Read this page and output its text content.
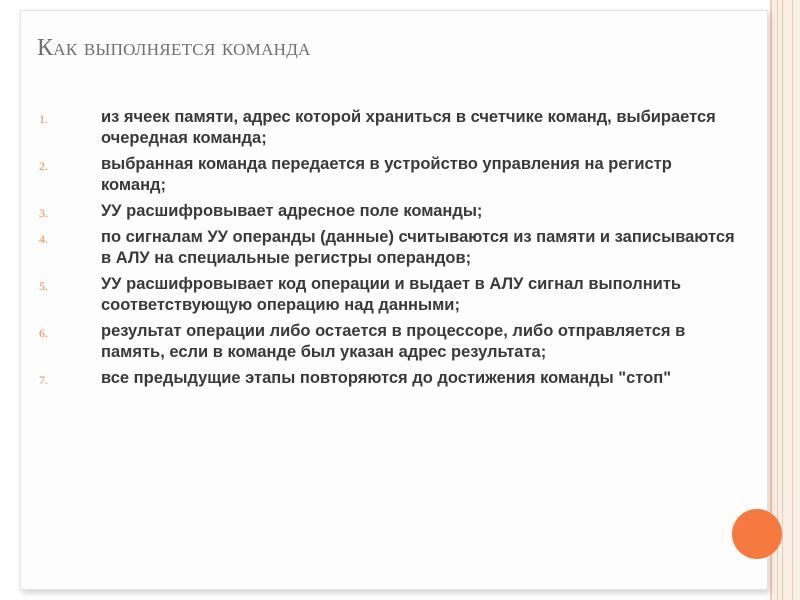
Как выполняется команда
1.	из ячеек памяти, адрес которой храниться в счетчике команд, выбирается очередная команда;
2.	выбранная команда передается в устройство управления на регистр команд;
3.	УУ расшифровывает адресное поле команды;
4.	по сигналам УУ операнды (данные) считываются из памяти и записываются в АЛУ на специальные регистры операндов;
5.	УУ расшифровывает код операции и выдает в АЛУ сигнал выполнить соответствующую операцию над данными;
6.	результат операции либо остается в процессоре, либо отправляется в память, если в команде был указан адрес результата;
7.	все предыдущие этапы повторяются до достижения команды "стоп"
